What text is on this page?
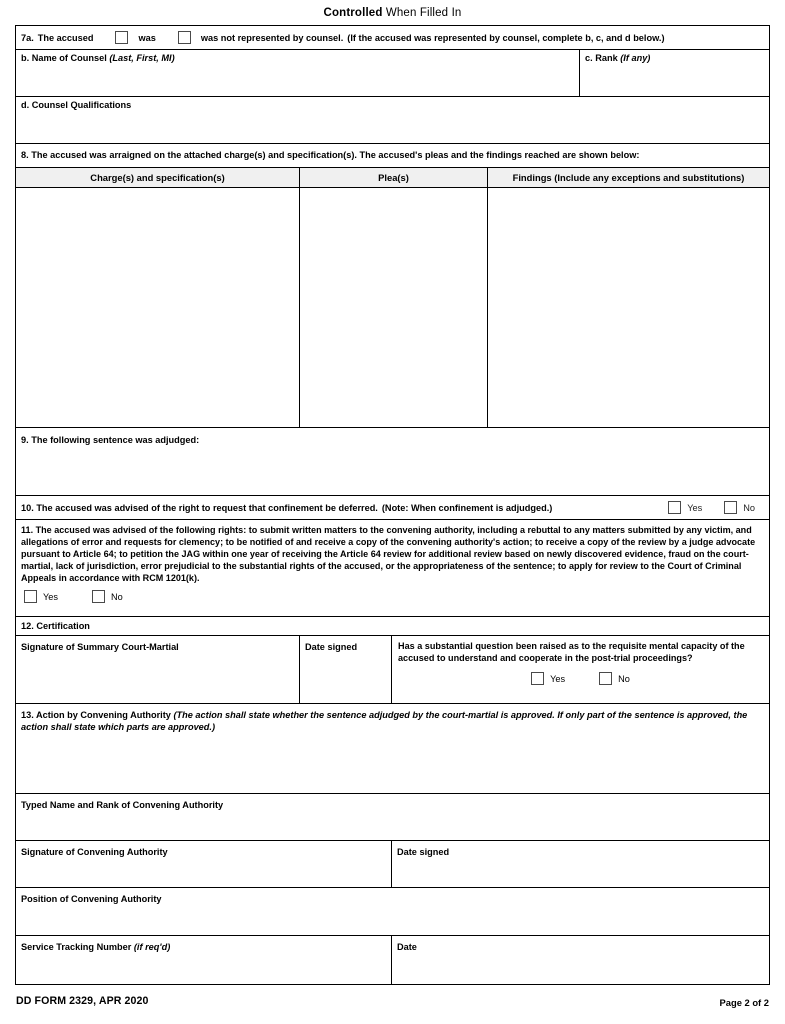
Controlled When Filled In
7a. The accused	was	was not represented by counsel. (If the accused was represented by counsel, complete b, c, and d below.)
b. Name of Counsel (Last, First, MI)	c. Rank (If any)
d. Counsel Qualifications
8. The accused was arraigned on the attached charge(s) and specification(s). The accused's pleas and the findings reached are shown below:
Charge(s) and specification(s)	Plea(s)	Findings (Include any exceptions and substitutions)
9. The following sentence was adjudged:
10. The accused was advised of the right to request that confinement be deferred. (Note: When confinement is adjudged.)	Yes	No
11. The accused was advised of the following rights: to submit written matters to the convening authority, including a rebuttal to any matters submitted by any victim, and allegations of error and requests for clemency; to be notified of and receive a copy of the convening authority's action; to receive a copy of the review by a judge advocate pursuant to Article 64; to petition the JAG within one year of receiving the Article 64 review for additional review based on newly discovered evidence, fraud on the court-martial, lack of jurisdiction, error prejudicial to the substantial rights of the accused, or the appropriateness of the sentence; to apply for review to the Court of Criminal Appeals in accordance with RCM 1201(k).
Yes	No
12. Certification
Signature of Summary Court-Martial	Date signed	Has a substantial question been raised as to the requisite mental capacity of the accused to understand and cooperate in the post-trial proceedings?
Yes	No
13. Action by Convening Authority (The action shall state whether the sentence adjudged by the court-martial is approved. If only part of the sentence is approved, the action shall state which parts are approved.)
Typed Name and Rank of Convening Authority
Signature of Convening Authority	Date signed
Position of Convening Authority
Service Tracking Number (if req'd)	Date
DD FORM 2329, APR 2020	Page 2 of 2
